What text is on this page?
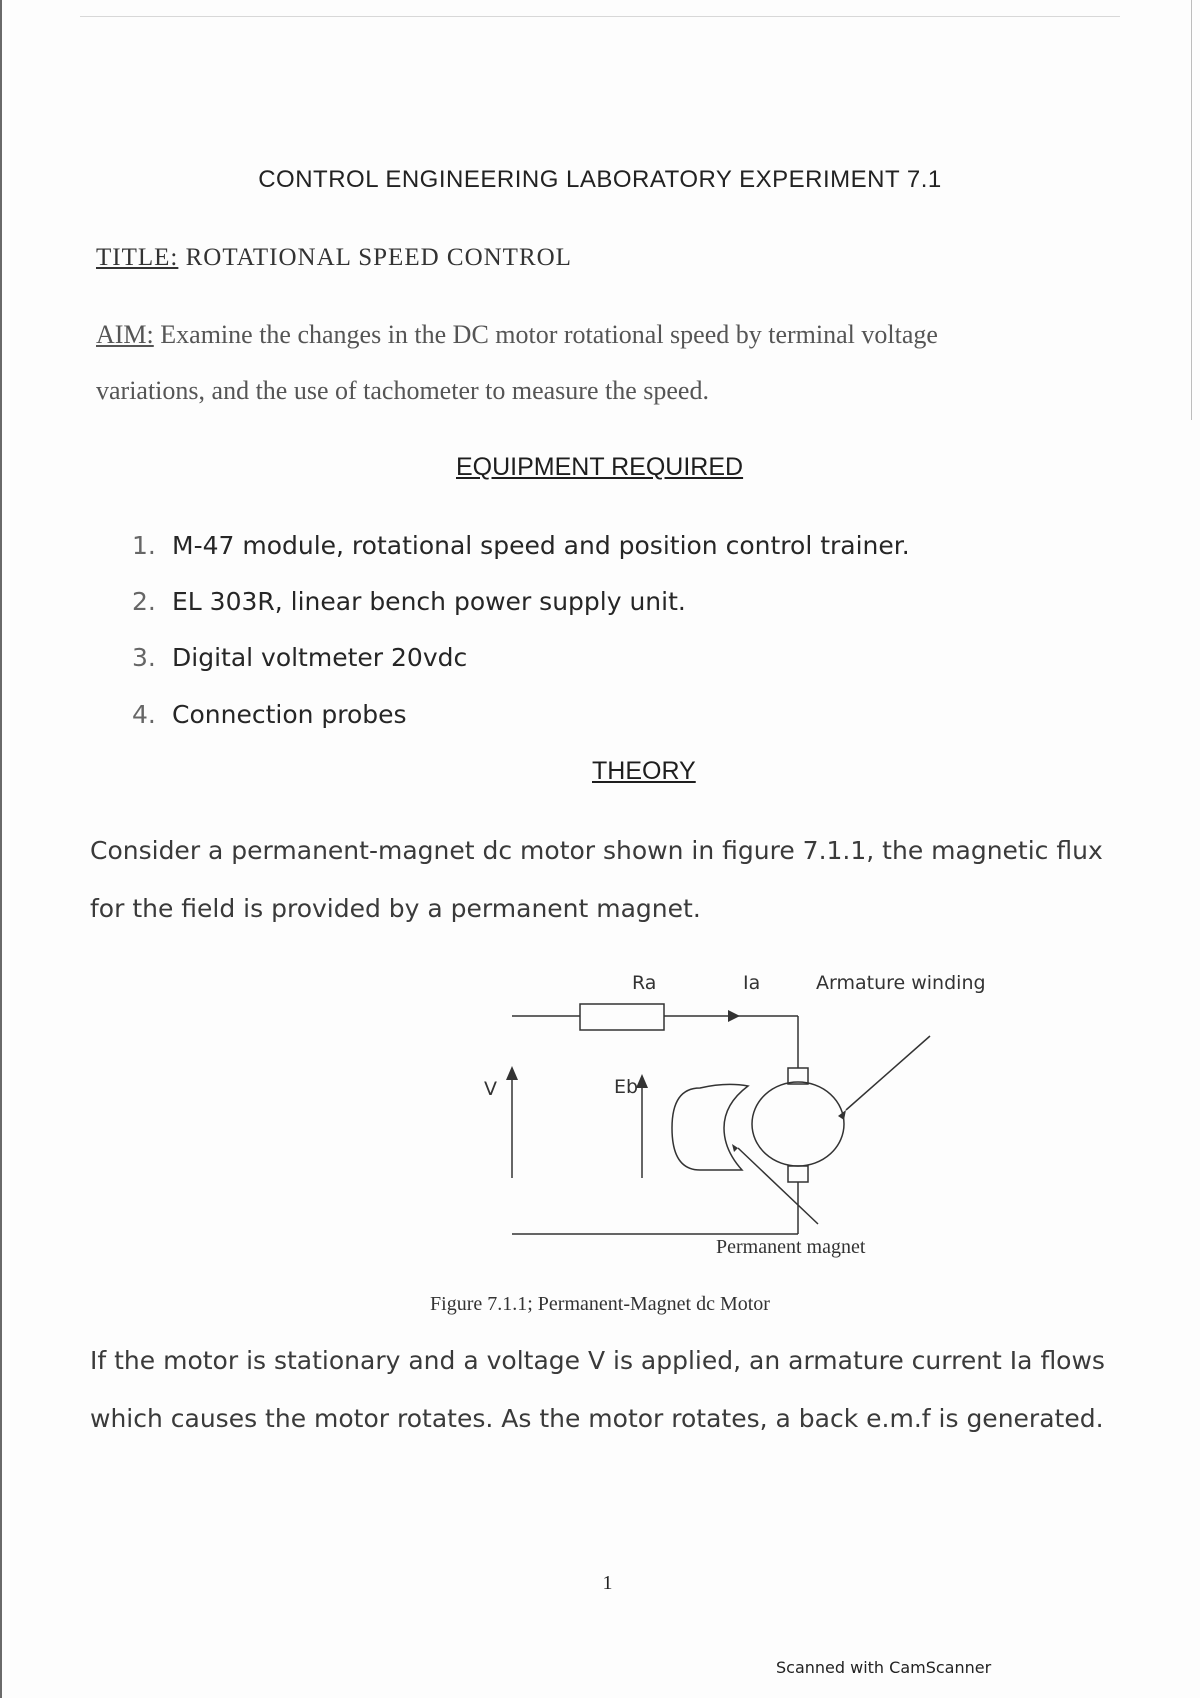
CONTROL ENGINEERING LABORATORY EXPERIMENT 7.1
TITLE: ROTATIONAL SPEED CONTROL
AIM: Examine the changes in the DC motor rotational speed by terminal voltage
variations, and the use of tachometer to measure the speed.
EQUIPMENT REQUIRED
1. M-47 module, rotational speed and position control trainer.
2. EL 303R, linear bench power supply unit.
3. Digital voltmeter 20vdc
4. Connection probes
THEORY
Consider a permanent-magnet dc motor shown in figure 7.1.1, the magnetic flux
for the field is provided by a permanent magnet.
Ra	Ia	Armature winding
V	Eb
Permanent magnet
Figure 7.1.1; Permanent-Magnet dc Motor
If the motor is stationary and a voltage V is applied, an armature current Ia flows
which causes the motor rotates. As the motor rotates, a back e.m.f is generated.
1
Scanned with CamScanner
